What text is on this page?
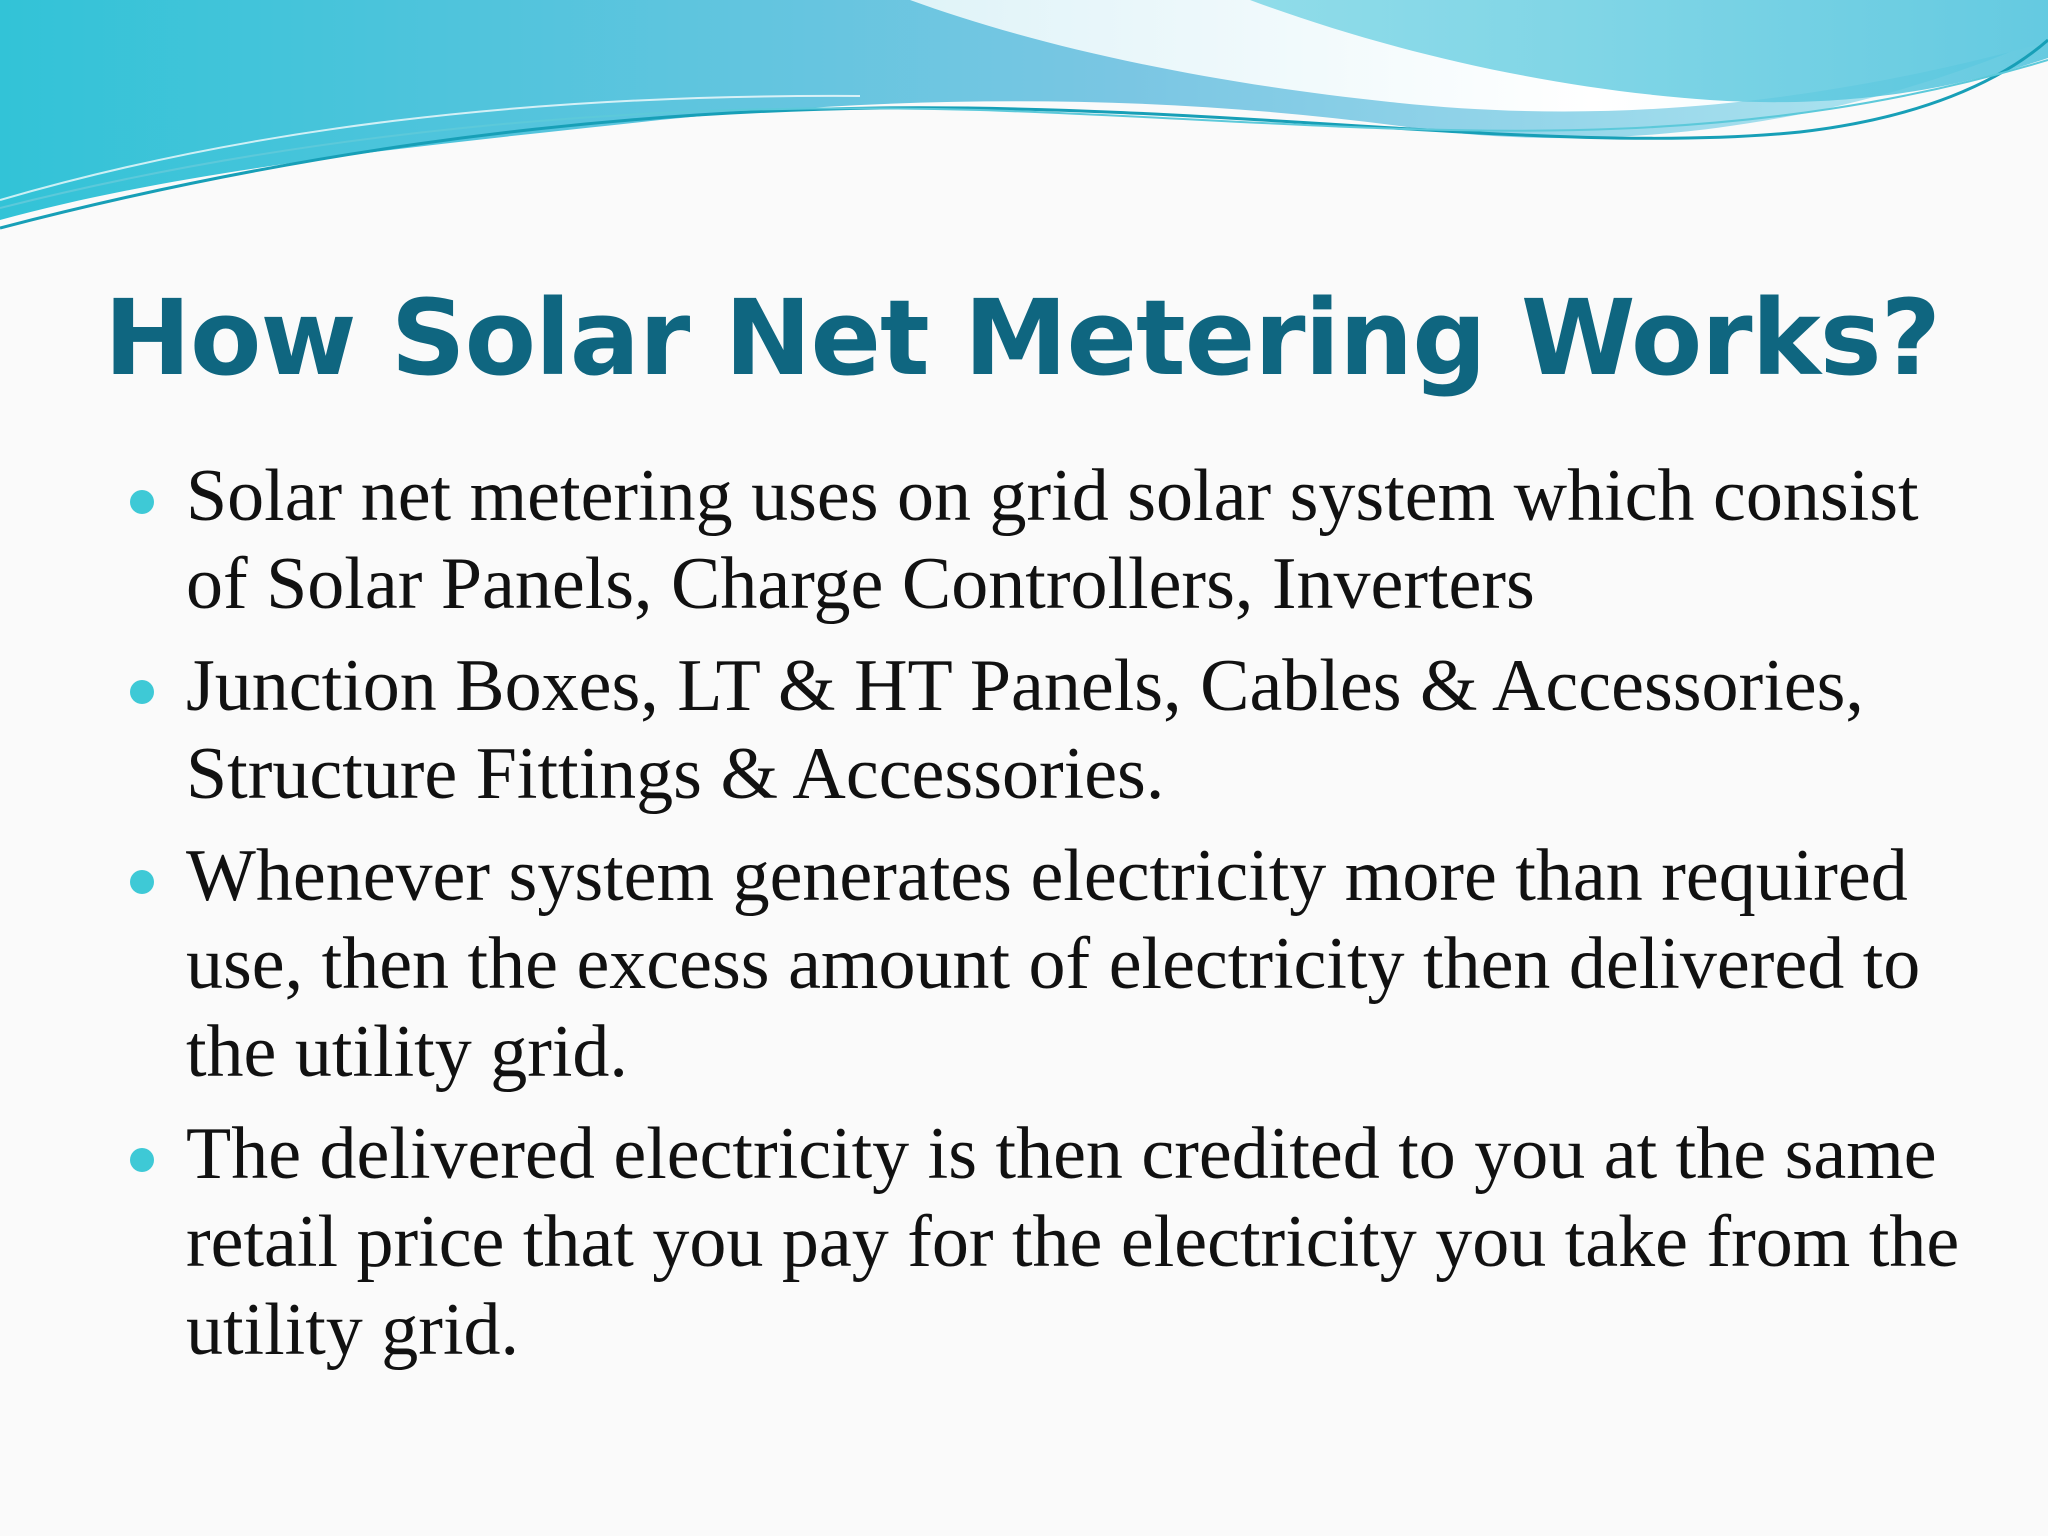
How Solar Net Metering Works?
Solar net metering uses on grid solar system which consist of Solar Panels, Charge Controllers, Inverters
Junction Boxes, LT & HT Panels, Cables & Accessories, Structure Fittings & Accessories.
Whenever system generates electricity more than required use, then the excess amount of electricity then delivered to the utility grid.
The delivered electricity is then credited to you at the same retail price that you pay for the electricity you take from the utility grid.
